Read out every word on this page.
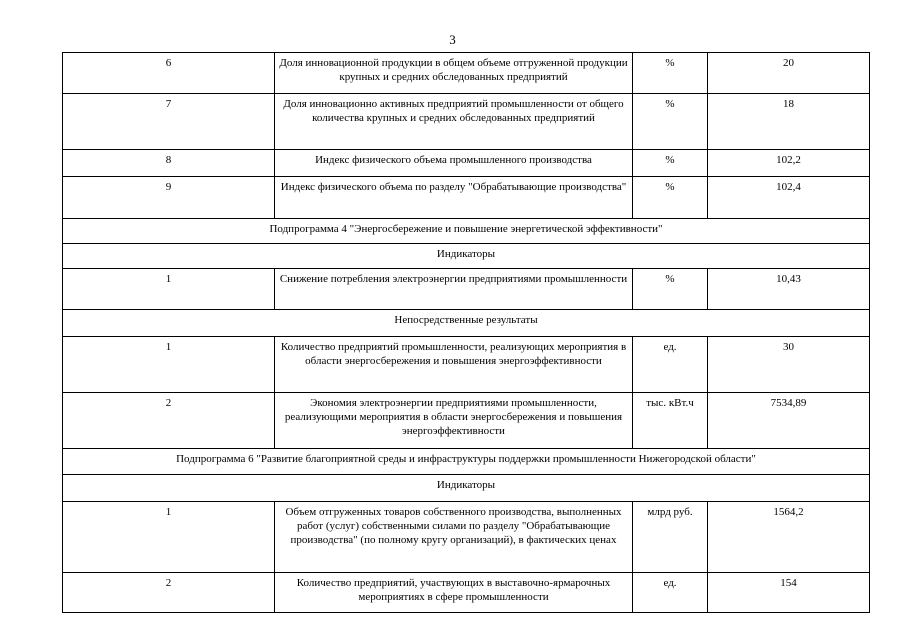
3
6	Доля инновационной продукции в общем объеме отгруженной продукции крупных и средних обследованных предприятий	%	20
7	Доля инновационно активных предприятий промышленности от общего количества крупных и средних обследованных предприятий	%	18
8	Индекс физического объема промышленного производства	%	102,2
9	Индекс физического объема по разделу "Обрабатывающие производства"	%	102,4
Подпрограмма 4 "Энергосбережение и повышение энергетической эффективности"			
Индикаторы			
1	Снижение потребления электроэнергии предприятиями промышленности	%	10,43
Непосредственные результаты			
1	Количество предприятий промышленности, реализующих мероприятия в области энергосбережения и повышения энергоэффективности	ед.	30
2	Экономия электроэнергии предприятиями промышленности, реализующими мероприятия в области энергосбережения и повышения энергоэффективности	тыс. кВт.ч	7534,89
Подпрограмма 6 "Развитие благоприятной среды и инфраструктуры поддержки промышленности Нижегородской области"			
Индикаторы			
1	Объем отгруженных товаров собственного производства, выполненных работ (услуг) собственными силами по разделу "Обрабатывающие производства" (по полному кругу организаций), в фактических ценах	млрд руб.	1564,2
2	Количество предприятий, участвующих в выставочно-ярмарочных мероприятиях в сфере промышленности	ед.	154
